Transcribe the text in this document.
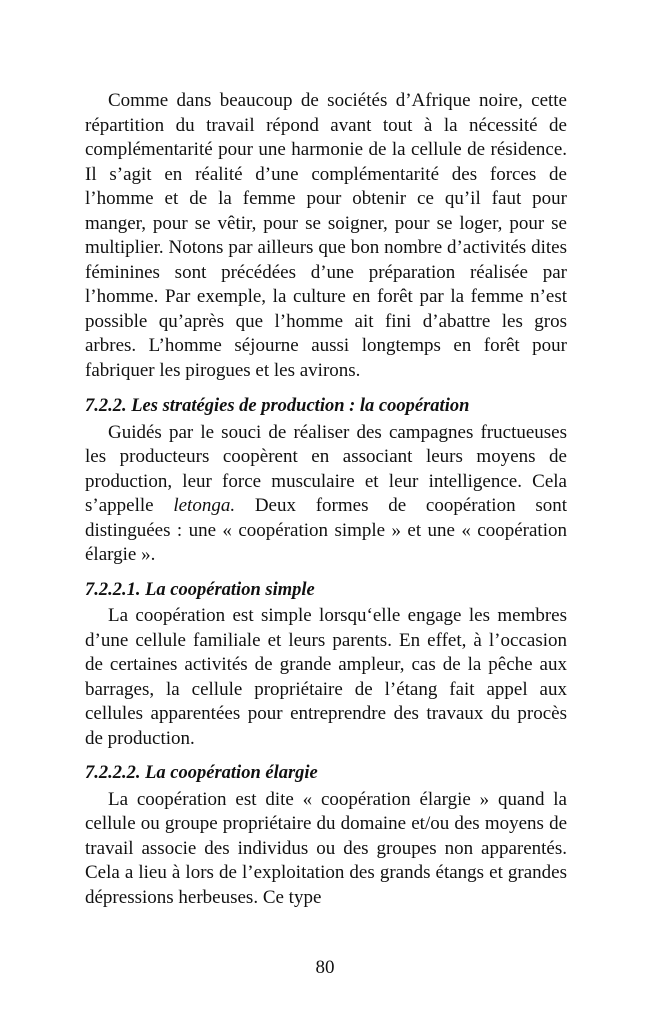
Comme dans beaucoup de sociétés d’Afrique noire, cette répartition du travail répond avant tout à la nécessité de complémentarité pour une harmonie de la cellule de résidence. Il s’agit en réalité d’une complémentarité des forces de l’homme et de la femme pour obtenir ce qu’il faut pour manger, pour se vêtir, pour se soigner, pour se loger, pour se multiplier. Notons par ailleurs que bon nombre d’activités dites féminines sont précédées d’une préparation réalisée par l’homme. Par exemple, la culture en forêt par la femme n’est possible qu’après que l’homme ait fini d’abattre les gros arbres. L’homme séjourne aussi longtemps en forêt pour fabriquer les pirogues et les avirons.

7.2.2. Les stratégies de production : la coopération

Guidés par le souci de réaliser des campagnes fructueuses les producteurs coopèrent en associant leurs moyens de production, leur force musculaire et leur intelligence. Cela s’appelle letonga. Deux formes de coopération sont distinguées : une « coopération simple » et une « coopération élargie ».

7.2.2.1. La coopération simple

La coopération est simple lorsqu‘elle engage les membres d’une cellule familiale et leurs parents. En effet, à l’occasion de certaines activités de grande ampleur, cas de la pêche aux barrages, la cellule propriétaire de l’étang fait appel aux cellules apparentées pour entreprendre des travaux du procès de production.

7.2.2.2. La coopération élargie

La coopération est dite « coopération élargie » quand la cellule ou groupe propriétaire du domaine et/ou des moyens de travail associe des individus ou des groupes non apparentés. Cela a lieu à lors de l’exploitation des grands étangs et grandes dépressions herbeuses. Ce type

80
